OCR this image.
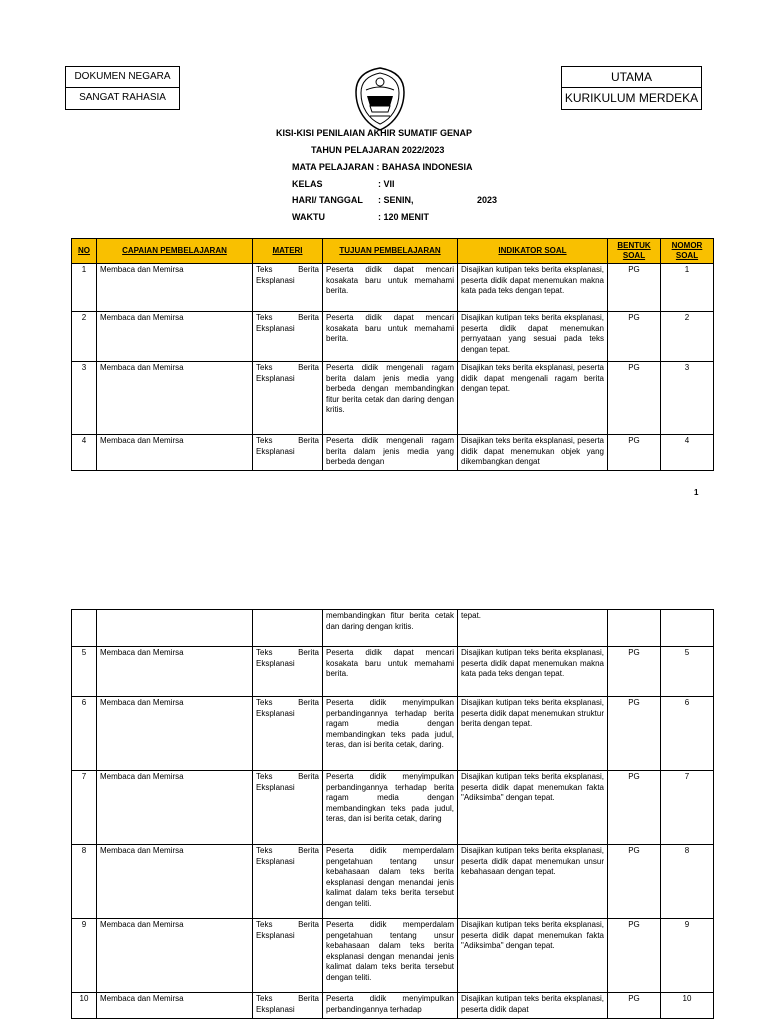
DOKUMEN NEGARA
SANGAT RAHASIA
UTAMA
KURIKULUM MERDEKA
KISI-KISI PENILAIAN AKHIR SUMATIF GENAP
TAHUN PELAJARAN 2022/2023
MATA PELAJARAN : BAHASA INDONESIA
KELAS	: VII
HARI/ TANGGAL : SENIN,	2023
WAKTU	: 120 MENIT
NO	CAPAIAN PEMBELAJARAN	MATERI	TUJUAN PEMBELAJARAN	INDIKATOR SOAL	BENTUK SOAL	NOMOR SOAL
1	Membaca dan Memirsa	Teks Berita Eksplanasi	Peserta didik dapat mencari kosakata baru untuk memahami berita.	Disajikan kutipan teks berita eksplanasi, peserta didik dapat menemukan makna kata pada teks dengan tepat.	PG	1
2	Membaca dan Memirsa	Teks Berita Eksplanasi	Peserta didik dapat mencari kosakata baru untuk memahami berita.	Disajikan kutipan teks berita eksplanasi, peserta didik dapat menemukan pernyataan yang sesuai pada teks dengan tepat.	PG	2
3	Membaca dan Memirsa	Teks Berita Eksplanasi	Peserta didik mengenali ragam berita dalam jenis media yang berbeda dengan membandingkan fitur berita cetak dan daring dengan kritis.	Disajikan teks berita eksplanasi, peserta didik dapat mengenali ragam berita dengan tepat.	PG	3
4	Membaca dan Memirsa	Teks Berita Eksplanasi	Peserta didik mengenali ragam berita dalam jenis media yang berbeda dengan	Disajikan teks berita eksplanasi, peserta didik dapat menemukan objek yang dikembangkan dengat	PG	4
1
			membandingkan fitur berita cetak dan daring dengan kritis.	tepat.		
5	Membaca dan Memirsa	Teks Berita Eksplanasi	Peserta didik dapat mencari kosakata baru untuk memahami berita.	Disajikan kutipan teks berita eksplanasi, peserta didik dapat menemukan makna kata pada teks dengan tepat.	PG	5
6	Membaca dan Memirsa	Teks Berita Eksplanasi	Peserta didik menyimpulkan perbandingannya terhadap berita ragam media dengan membandingkan teks pada judul, teras, dan isi berita cetak, daring.	Disajikan kutipan teks berita eksplanasi, peserta didik dapat menemukan struktur berita dengan tepat.	PG	6
7	Membaca dan Memirsa	Teks Berita Eksplanasi	Peserta didik menyimpulkan perbandingannya terhadap berita ragam media dengan membandingkan teks pada judul, teras, dan isi berita cetak, daring	Disajikan kutipan teks berita eksplanasi, peserta didik dapat menemukan fakta "Adiksimba" dengan tepat.	PG	7
8	Membaca dan Memirsa	Teks Berita Eksplanasi	Peserta didik memperdalam pengetahuan tentang unsur kebahasaan dalam teks berita eksplanasi dengan menandai jenis kalimat dalam teks berita tersebut dengan teliti.	Disajikan kutipan teks berita eksplanasi, peserta didik dapat menemukan unsur kebahasaan dengan tepat.	PG	8
9	Membaca dan Memirsa	Teks Berita Eksplanasi	Peserta didik memperdalam pengetahuan tentang unsur kebahasaan dalam teks berita eksplanasi dengan menandai jenis kalimat dalam teks berita tersebut dengan teliti.	Disajikan kutipan teks berita eksplanasi, peserta didik dapat menemukan fakta "Adiksimba" dengan tepat.	PG	9
10	Membaca dan Memirsa	Teks Berita Eksplanasi	Peserta didik menyimpulkan perbandingannya terhadap	Disajikan kutipan teks berita eksplanasi, peserta didik dapat	PG	10
